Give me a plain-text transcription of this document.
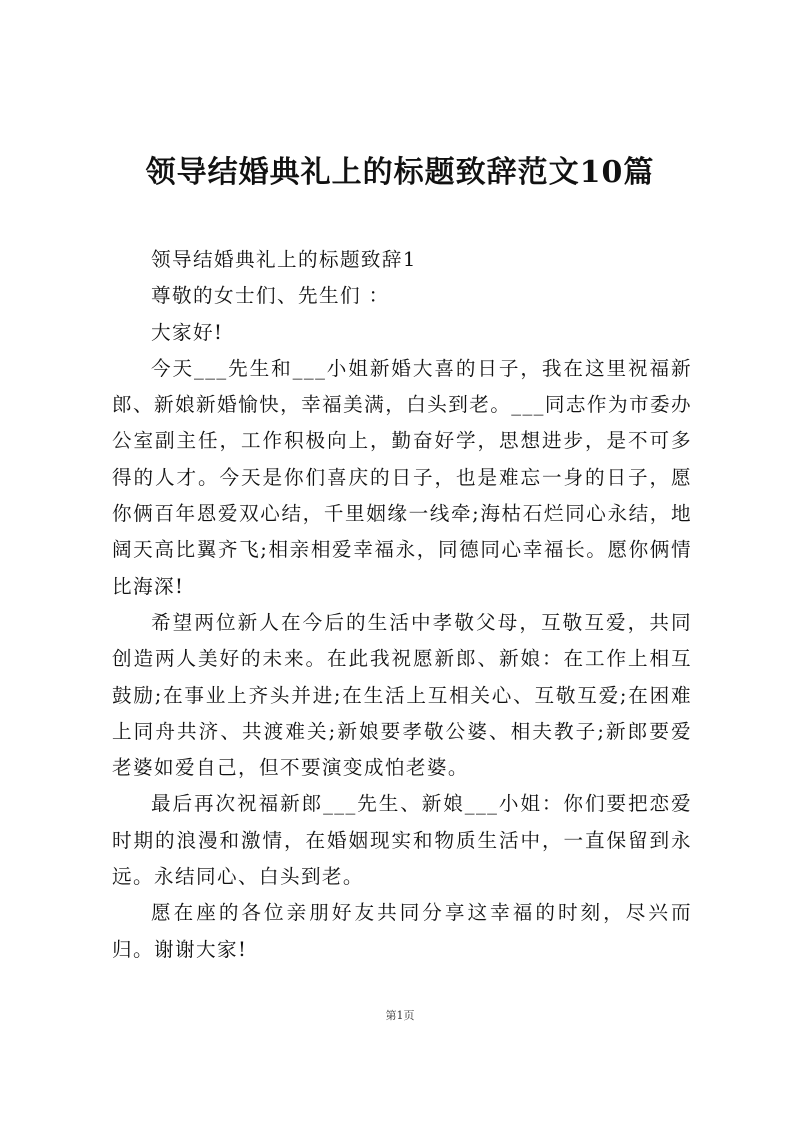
领导结婚典礼上的标题致辞范文10篇

领导结婚典礼上的标题致辞1

尊敬的女士们、先生们 ：

大家好!

今天___先生和___小姐新婚大喜的日子，我在这里祝福新郎、新娘新婚愉快，幸福美满，白头到老。___同志作为市委办公室副主任，工作积极向上，勤奋好学，思想进步，是不可多得的人才。今天是你们喜庆的日子，也是难忘一身的日子，愿你俩百年恩爱双心结，千里姻缘一线牵;海枯石烂同心永结，地阔天高比翼齐飞;相亲相爱幸福永，同德同心幸福长。愿你俩情比海深!

希望两位新人在今后的生活中孝敬父母，互敬互爱，共同创造两人美好的未来。在此我祝愿新郎、新娘：在工作上相互鼓励;在事业上齐头并进;在生活上互相关心、互敬互爱;在困难上同舟共济、共渡难关;新娘要孝敬公婆、相夫教子;新郎要爱老婆如爱自己，但不要演变成怕老婆。

最后再次祝福新郎___先生、新娘___小姐：你们要把恋爱时期的浪漫和激情，在婚姻现实和物质生活中，一直保留到永远。永结同心、白头到老。

愿在座的各位亲朋好友共同分享这幸福的时刻，尽兴而归。谢谢大家!

第1页
